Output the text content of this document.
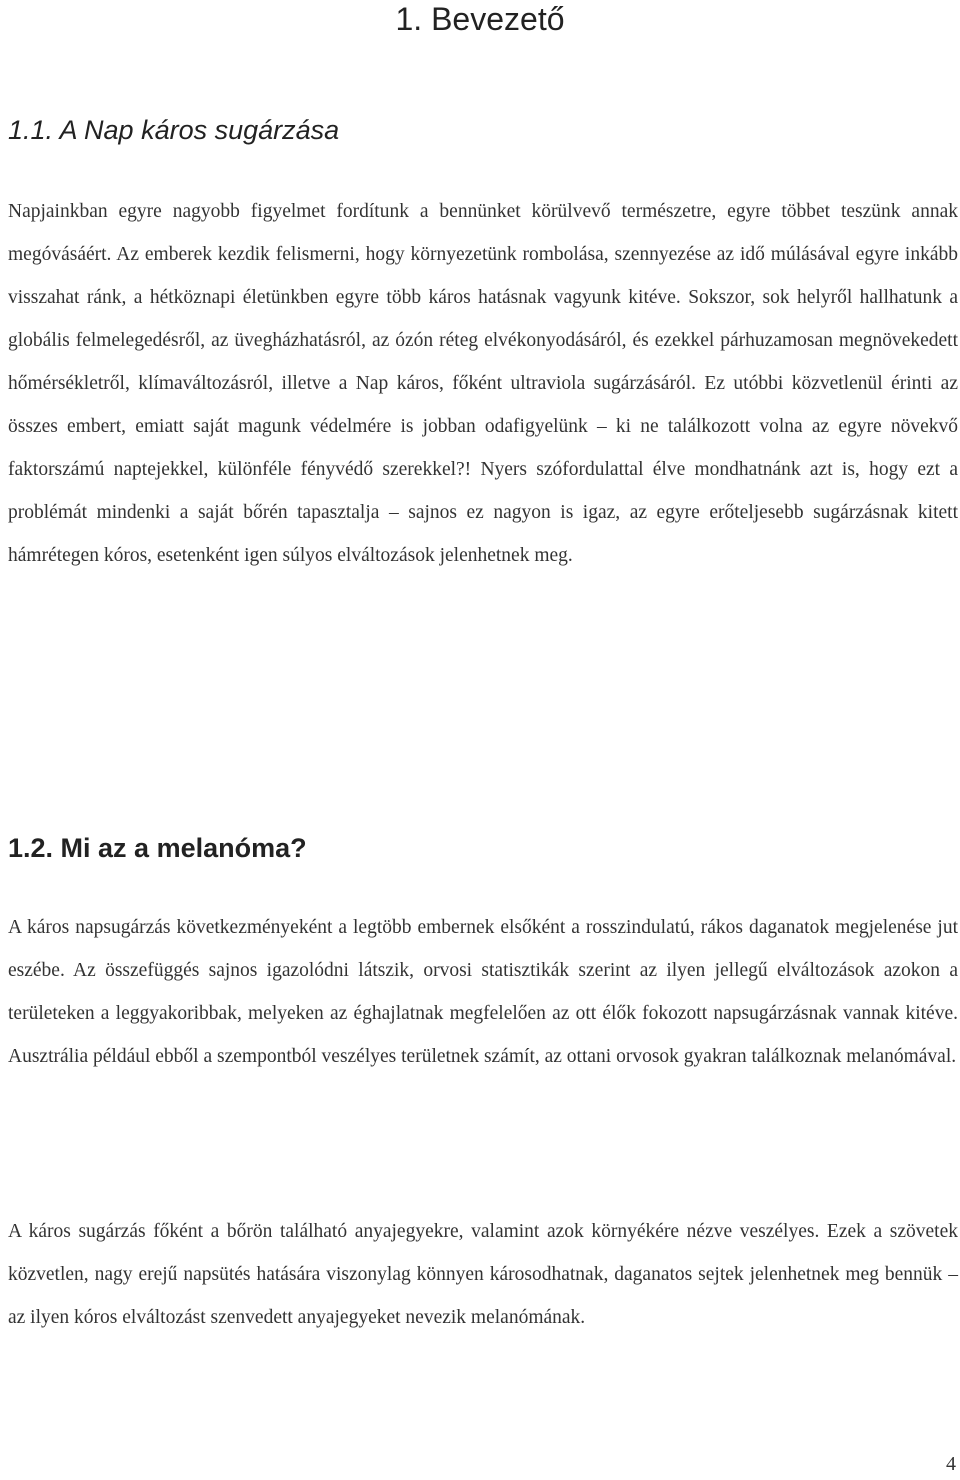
1. Bevezető
1.1. A Nap káros sugárzása

Napjainkban egyre nagyobb figyelmet fordítunk a bennünket körülvevő természetre, egyre többet teszünk annak megóvásáért. Az emberek kezdik felismerni, hogy környezetünk rombolása, szennyezése az idő múlásával egyre inkább visszahat ránk, a hétköznapi életünkben egyre több káros hatásnak vagyunk kitéve. Sokszor, sok helyről hallhatunk a globális felmelegedésről, az üvegházhatásról, az ózón réteg elvékonyodásáról, és ezekkel párhuzamosan megnövekedett hőmérsékletről, klímaváltozásról, illetve a Nap káros, főként ultraviola sugárzásáról. Ez utóbbi közvetlenül érinti az összes embert, emiatt saját magunk védelmére is jobban odafigyelünk – ki ne találkozott volna az egyre növekvő faktorszámú naptejekkel, különféle fényvédő szerekkel?! Nyers szófordulattal élve mondhatnánk azt is, hogy ezt a problémát mindenki a saját bőrén tapasztalja – sajnos ez nagyon is igaz, az egyre erőteljesebb sugárzásnak kitett hámrétegen kóros, esetenként igen súlyos elváltozások jelenhetnek meg.

1.2. Mi az a melanóma?

A káros napsugárzás következményeként a legtöbb embernek elsőként a rosszindulatú, rákos daganatok megjelenése jut eszébe. Az összefüggés sajnos igazolódni látszik, orvosi statisztikák szerint az ilyen jellegű elváltozások azokon a területeken a leggyakoribbak, melyeken az éghajlatnak megfelelően az ott élők fokozott napsugárzásnak vannak kitéve. Ausztrália például ebből a szempontból veszélyes területnek számít, az ottani orvosok gyakran találkoznak melanómával.

A káros sugárzás főként a bőrön található anyajegyekre, valamint azok környékére nézve veszélyes. Ezek a szövetek közvetlen, nagy erejű napsütés hatására viszonylag könnyen károsodhatnak, daganatos sejtek jelenhetnek meg bennük – az ilyen kóros elváltozást szenvedett anyajegyeket nevezik melanómának.

4
